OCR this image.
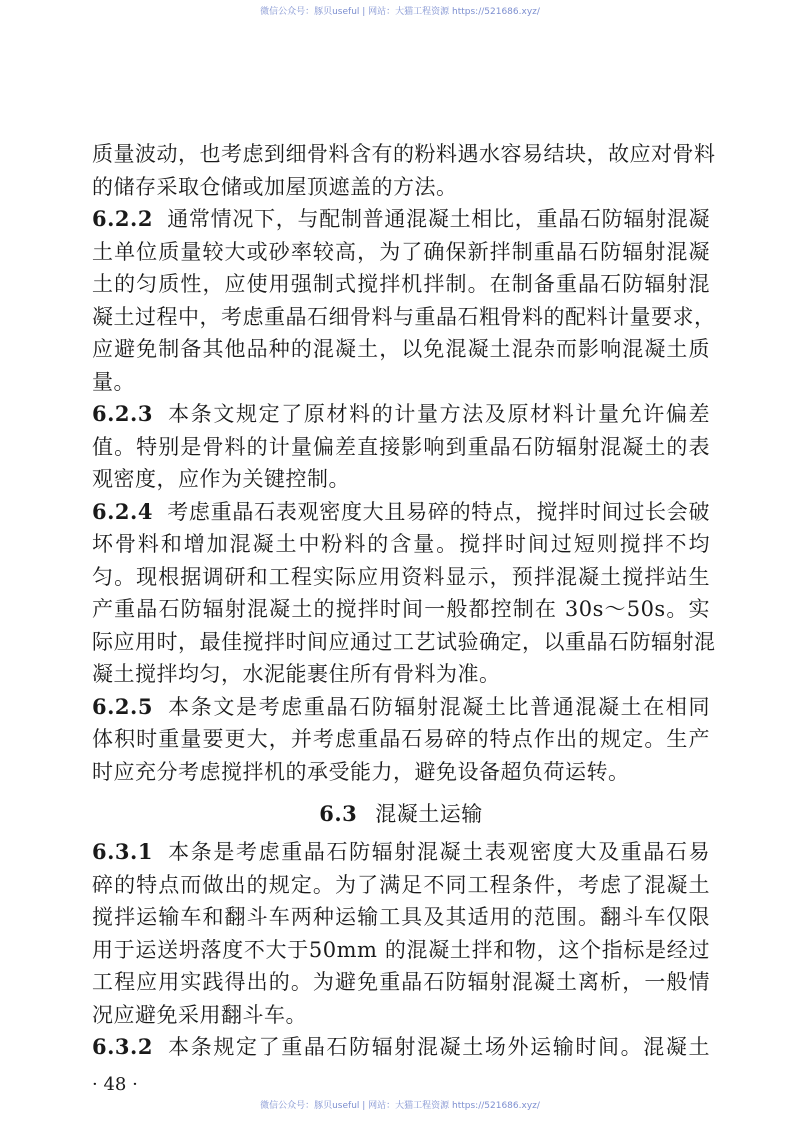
微信公众号：豚贝useful | 网站：大猫工程资源 https://521686.xyz/
质量波动，也考虑到细骨料含有的粉料遇水容易结块，故应对骨料
的储存采取仓储或加屋顶遮盖的方法。
6.2.2 通常情况下，与配制普通混凝土相比，重晶石防辐射混凝
土单位质量较大或砂率较高，为了确保新拌制重晶石防辐射混凝
土的匀质性，应使用强制式搅拌机拌制。在制备重晶石防辐射混
凝土过程中，考虑重晶石细骨料与重晶石粗骨料的配料计量要求，
应避免制备其他品种的混凝土，以免混凝土混杂而影响混凝土质
量。
6.2.3 本条文规定了原材料的计量方法及原材料计量允许偏差
值。特别是骨料的计量偏差直接影响到重晶石防辐射混凝土的表
观密度，应作为关键控制。
6.2.4 考虑重晶石表观密度大且易碎的特点，搅拌时间过长会破
坏骨料和增加混凝土中粉料的含量。搅拌时间过短则搅拌不均
匀。现根据调研和工程实际应用资料显示，预拌混凝土搅拌站生
产重晶石防辐射混凝土的搅拌时间一般都控制在 30s～50s。实
际应用时，最佳搅拌时间应通过工艺试验确定，以重晶石防辐射混
凝土搅拌均匀，水泥能裹住所有骨料为准。
6.2.5 本条文是考虑重晶石防辐射混凝土比普通混凝土在相同
体积时重量要更大，并考虑重晶石易碎的特点作出的规定。生产
时应充分考虑搅拌机的承受能力，避免设备超负荷运转。
6.3 混凝土运输
6.3.1 本条是考虑重晶石防辐射混凝土表观密度大及重晶石易
碎的特点而做出的规定。为了满足不同工程条件，考虑了混凝土
搅拌运输车和翻斗车两种运输工具及其适用的范围。翻斗车仅限
用于运送坍落度不大于50mm 的混凝土拌和物，这个指标是经过
工程应用实践得出的。为避免重晶石防辐射混凝土离析，一般情
况应避免采用翻斗车。
6.3.2 本条规定了重晶石防辐射混凝土场外运输时间。混凝土
· 48 ·
微信公众号：豚贝useful | 网站：大猫工程资源 https://521686.xyz/
